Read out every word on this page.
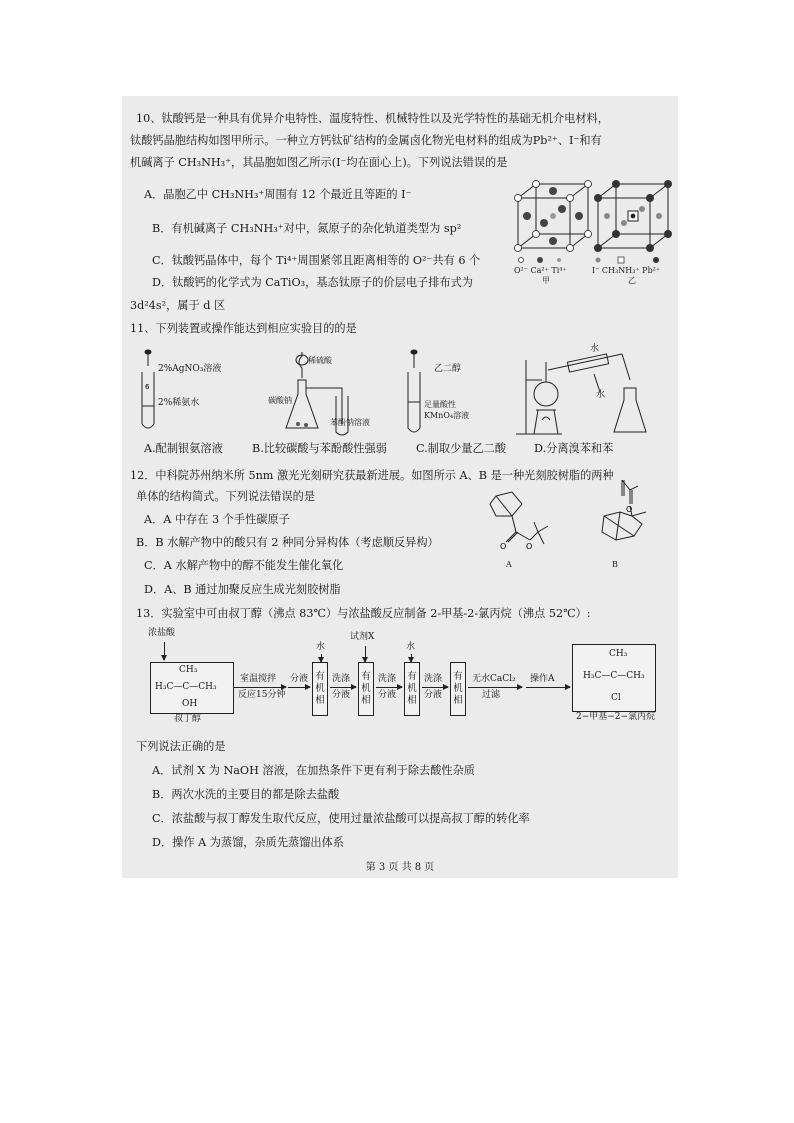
10、钛酸钙是一种具有优异介电特性、温度特性、机械特性以及光学特性的基础无机介电材料，
钛酸钙晶胞结构如图甲所示。一种立方钙钛矿结构的金属卤化物光电材料的组成为Pb²⁺、I⁻和有
机碱离子 CH₃NH₃⁺，其晶胞如图乙所示(I⁻均在面心上)。下列说法错误的是
A．晶胞乙中 CH₃NH₃⁺周围有 12 个最近且等距的 I⁻
B．有机碱离子 CH₃NH₃⁺对中，氮原子的杂化轨道类型为 sp²
C．钛酸钙晶体中，每个 Ti⁴⁺周围紧邻且距离相等的 O²⁻共有 6 个
D．钛酸钙的化学式为 CaTiO₃，基态钛原子的价层电子排布式为
3d²4s²，属于 d 区
O²⁻ Ca²⁺ Ti⁴⁺	I⁻ CH₃NH₃⁺ Pb²⁺
甲	乙
11、下列装置或操作能达到相应实验目的的是
6
2%AgNO₃溶液
2%稀氨水
稀硫酸
碳酸钠
苯酚钠溶液
乙二醇
足量酸性
KMnO₄溶液
水
水
A.配制银氨溶液	B.比较碳酸与苯酚酸性强弱	C.制取少量乙二酸 D.分离溴苯和苯
12．中科院苏州纳米所 5nm 激光光刻研究获最新进展。如图所示 A、B 是一种光刻胶树脂的两种
单体的结构简式。下列说法错误的是
A．A 中存在 3 个手性碳原子
B．B 水解产物中的酸只有 2 种同分异构体（考虑顺反异构）
C．A 水解产物中的醇不能发生催化氧化
D．A、B 通过加聚反应生成光刻胶树脂
O O
A
O
B
13．实验室中可由叔丁醇（沸点 83℃）与浓盐酸反应制备 2-甲基-2-氯丙烷（沸点 52℃）:
浓盐酸
CH₃
H₃C—C—CH₃
OH
叔丁醇
室温搅拌
反应15分钟
分液
水
有机相
洗涤
分液
试剂X
有机相
洗涤
分液
水
有机相
洗涤
分液
有机相
无水CaCl₂
过滤
操作A
CH₃
H₃C—C—CH₃
Cl
2−甲基−2−氯丙烷
下列说法正确的是
A．试剂 X 为 NaOH 溶液，在加热条件下更有利于除去酸性杂质
B．两次水洗的主要目的都是除去盐酸
C．浓盐酸与叔丁醇发生取代反应，使用过量浓盐酸可以提高叔丁醇的转化率
D．操作 A 为蒸馏，杂质先蒸馏出体系
第 3 页 共 8 页
